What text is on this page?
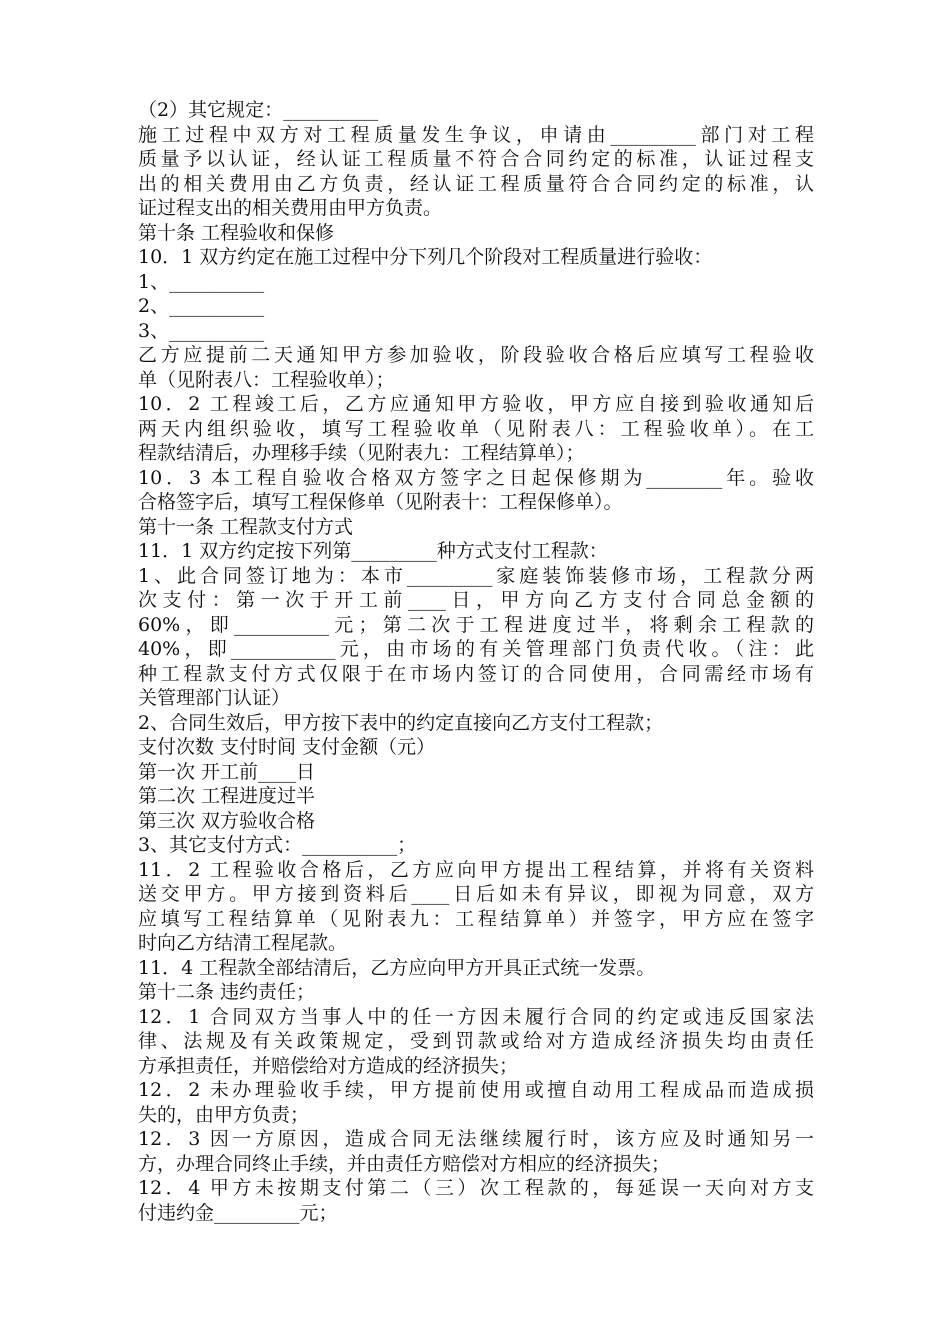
（2）其它规定：__________
施工过程中双方对工程质量发生争议，申请由_________部门对工程
质量予以认证，经认证工程质量不符合合同约定的标准，认证过程支
出的相关费用由乙方负责，经认证工程质量符合合同约定的标准，认
证过程支出的相关费用由甲方负责。
第十条 工程验收和保修
10．1 双方约定在施工过程中分下列几个阶段对工程质量进行验收：
1、__________
2、__________
3、__________
乙方应提前二天通知甲方参加验收，阶段验收合格后应填写工程验收
单（见附表八：工程验收单）；
10．2 工程竣工后，乙方应通知甲方验收，甲方应自接到验收通知后
两天内组织验收，填写工程验收单（见附表八：工程验收单）。在工
程款结清后，办理移手续（见附表九：工程结算单）；
10．3 本工程自验收合格双方签字之日起保修期为________年。验收
合格签字后，填写工程保修单（见附表十：工程保修单）。
第十一条 工程款支付方式
11．1 双方约定按下列第_________种方式支付工程款：
1、此合同签订地为：本市_________家庭装饰装修市场，工程款分两
次支付：第一次于开工前____日，甲方向乙方支付合同总金额的
60%，即__________元；第二次于工程进度过半，将剩余工程款的
40%，即___________元，由市场的有关管理部门负责代收。（注：此
种工程款支付方式仅限于在市场内签订的合同使用，合同需经市场有
关管理部门认证）
2、合同生效后，甲方按下表中的约定直接向乙方支付工程款；
支付次数 支付时间 支付金额（元）
第一次 开工前____日
第二次 工程进度过半
第三次 双方验收合格
3、其它支付方式：__________；
11．2 工程验收合格后，乙方应向甲方提出工程结算，并将有关资料
送交甲方。甲方接到资料后____日后如未有异议，即视为同意，双方
应填写工程结算单（见附表九：工程结算单）并签字，甲方应在签字
时向乙方结清工程尾款。
11．4 工程款全部结清后，乙方应向甲方开具正式统一发票。
第十二条 违约责任；
12．1 合同双方当事人中的任一方因未履行合同的约定或违反国家法
律、法规及有关政策规定，受到罚款或给对方造成经济损失均由责任
方承担责任，并赔偿给对方造成的经济损失；
12．2 未办理验收手续，甲方提前使用或擅自动用工程成品而造成损
失的，由甲方负责；
12．3 因一方原因，造成合同无法继续履行时，该方应及时通知另一
方，办理合同终止手续，并由责任方赔偿对方相应的经济损失；
12．4 甲方未按期支付第二（三）次工程款的，每延误一天向对方支
付违约金_________元；
